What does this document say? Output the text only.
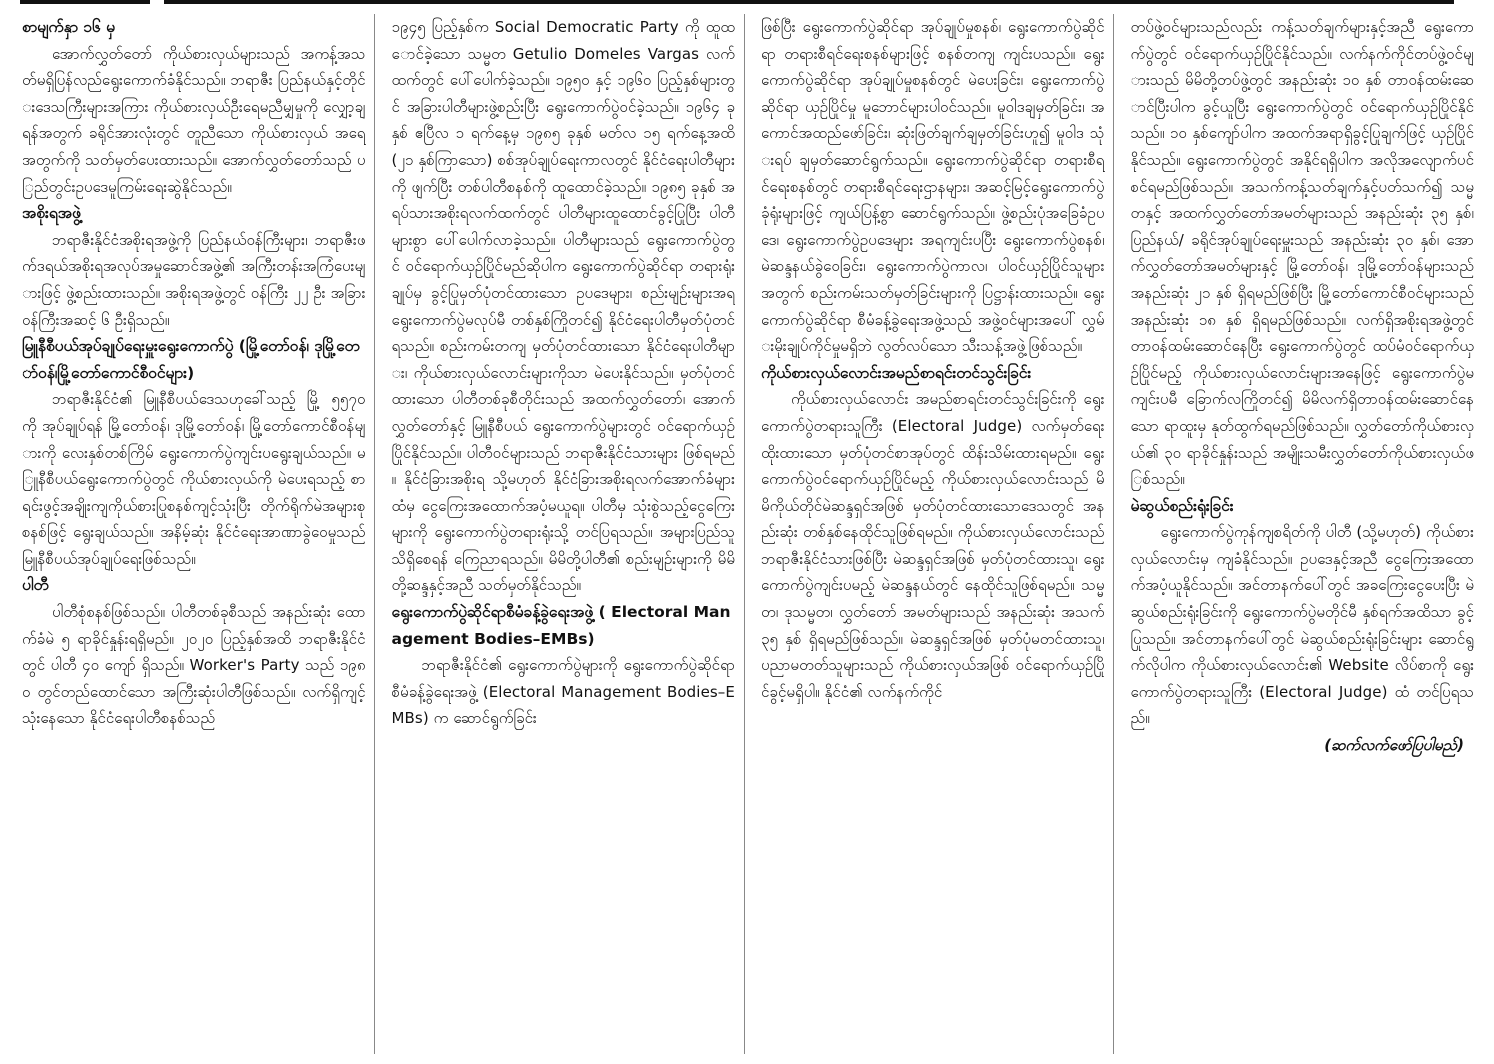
စာမျက်နှာ ၁၆ မှ

အောက်လွှတ်တော် ကိုယ်စားလှယ်များသည် အကန့်အသတ်မရှိပြန်လည်ရွေးကောက်ခံနိုင်သည်။ ဘရာဇီး ပြည်နယ်နှင့်တိုင်းဒေသကြီးများအကြား ကိုယ်စားလှယ်ဦးရေမညီမျှမှုကို လျှော့ချရန်အတွက် ခရိုင်အားလုံးတွင် တူညီသော ကိုယ်စားလှယ် အရေအတွက်ကို သတ်မှတ်ပေးထားသည်။ အောက်လွှတ်တော်သည် ပြည်တွင်းဥပဒေမူကြမ်းရေးဆွဲနိုင်သည်။

အစိုးရအဖွဲ့

ဘရာဇီးနိုင်ငံအစိုးရအဖွဲ့ကို ပြည်နယ်ဝန်ကြီးများ၊ ဘရာဇီးဖက်ဒရယ်အစိုးရအလုပ်အမှုဆောင်အဖွဲ့၏ အကြီးတန်းအကြံပေးများဖြင့် ဖွဲ့စည်းထားသည်။ အစိုးရအဖွဲ့တွင် ဝန်ကြီး ၂၂ ဦး အခြားဝန်ကြီးအဆင့် ၆ ဦးရှိသည်။

မြူနီစီပယ်အုပ်ချုပ်ရေးမှူးရွေးကောက်ပွဲ (မြို့တော်ဝန်၊ ဒုမြို့တော်ဝန်၊မြို့တော်ကောင်စီဝင်များ)

ဘရာဇီးနိုင်ငံ၏ မြူနီစီပယ်ဒေသဟုခေါ်သည့် မြို့ ၅၅၇၀ ကို အုပ်ချုပ်ရန် မြို့တော်ဝန်၊ ဒုမြို့တော်ဝန်၊ မြို့တော်ကောင်စီဝန်များကို လေးနှစ်တစ်ကြိမ် ရွေးကောက်ပွဲကျင်းပရွေးချယ်သည်။ မြူနီစီပယ်ရွေးကောက်ပွဲတွင် ကိုယ်စားလှယ်ကို မဲပေးရသည့် စာရင်းဖွင့်အချိုးကျကိုယ်စားပြုစနစ်ကျင့်သုံးပြီး တိုက်ရိုက်မဲအများစုစနစ်ဖြင့် ရွေးချယ်သည်။ အနိမ့်ဆုံး နိုင်ငံရေးအာဏာခွဲဝေမှုသည် မြူနီစီပယ်အုပ်ချုပ်ရေးဖြစ်သည်။

ပါတီ

ပါတီစုံစနစ်ဖြစ်သည်။ ပါတီတစ်ခုစီသည် အနည်းဆုံး ထောက်ခံမဲ ၅ ရာခိုင်နှုန်းရရှိမည်။ ၂၀၂၀ ပြည့်နှစ်အထိ ဘရာဇီးနိုင်ငံတွင် ပါတီ ၄၀ ကျော် ရှိသည်။ Worker's Party သည် ၁၉၈၀ တွင်တည်ထောင်သော အကြီးဆုံးပါတီဖြစ်သည်။ လက်ရှိကျင့်သုံးနေသော နိုင်ငံရေးပါတီစနစ်သည်

၁၉၄၅ ပြည့်နှစ်က Social Democratic Party ကို ထူထောင်ခဲ့သော သမ္မတ Getulio Domeles Vargas လက်ထက်တွင် ပေါ်ပေါက်ခဲ့သည်။ ၁၉၅၀ နှင့် ၁၉၆၀ ပြည့်နှစ်များတွင် အခြားပါတီများဖွဲ့စည်းပြီး ရွေးကောက်ပွဲဝင်ခဲ့သည်။ ၁၉၆၄ ခုနှစ် ဧပြီလ ၁ ရက်နေ့မှ ၁၉၈၅ ခုနှစ် မတ်လ ၁၅ ရက်နေ့အထိ (၂၁ နှစ်ကြာသော) စစ်အုပ်ချုပ်ရေးကာလတွင် နိုင်ငံရေးပါတီများကို ဖျက်ပြီး တစ်ပါတီစနစ်ကို ထူထောင်ခဲ့သည်။ ၁၉၈၅ ခုနှစ် အရပ်သားအစိုးရလက်ထက်တွင် ပါတီများထူထောင်ခွင့်ပြုပြီး ပါတီများစွာ ပေါ်ပေါက်လာခဲ့သည်။ ပါတီများသည် ရွေးကောက်ပွဲတွင် ဝင်ရောက်ယှဉ်ပြိုင်မည်ဆိုပါက ရွေးကောက်ပွဲဆိုင်ရာ တရားရုံးချုပ်မှ ခွင့်ပြုမှတ်ပုံတင်ထားသော ဥပဒေများ၊ စည်းမျဉ်းများအရ ရွေးကောက်ပွဲမလုပ်မီ တစ်နှစ်ကြိုတင်၍ နိုင်ငံရေးပါတီမှတ်ပုံတင်ရသည်။ စည်းကမ်းတကျ မှတ်ပုံတင်ထားသော နိုင်ငံရေးပါတီများ၊ ကိုယ်စားလှယ်လောင်းများကိုသာ မဲပေးနိုင်သည်။ မှတ်ပုံတင်ထားသော ပါတီတစ်ခုစီတိုင်းသည် အထက်လွှတ်တော်၊ အောက်လွှတ်တော်နှင့် မြူနီစီပယ် ရွေးကောက်ပွဲများတွင် ဝင်ရောက်ယှဉ်ပြိုင်နိုင်သည်။ ပါတီဝင်များသည် ဘရာဇီးနိုင်ငံသားများ ဖြစ်ရမည်။ နိုင်ငံခြားအစိုးရ သို့မဟုတ် နိုင်ငံခြားအစိုးရလက်အောက်ခံများထံမှ ငွေကြေးအထောက်အပံ့မယူရ။ ပါတီမှ သုံးစွဲသည့်ငွေကြေးများကို ရွေးကောက်ပွဲတရားရုံးသို့ တင်ပြရသည်။ အများပြည်သူသိရှိစေရန် ကြေညာရသည်။ မိမိတို့ပါတီ၏ စည်းမျဉ်းများကို မိမိတို့ဆန္ဒနှင့်အညီ သတ်မှတ်နိုင်သည်။

ရွေးကောက်ပွဲဆိုင်ရာစီမံခန့်ခွဲရေးအဖွဲ့ ( Electoral Management Bodies–EMBs)

ဘရာဇီးနိုင်ငံ၏ ရွေးကောက်ပွဲများကို ရွေးကောက်ပွဲဆိုင်ရာ စီမံခန့်ခွဲရေးအဖွဲ့ (Electoral Management Bodies–EMBs) က ဆောင်ရွက်ခြင်း

ဖြစ်ပြီး ရွေးကောက်ပွဲဆိုင်ရာ အုပ်ချုပ်မှုစနစ်၊ ရွေးကောက်ပွဲဆိုင်ရာ တရားစီရင်ရေးစနစ်များဖြင့် စနစ်တကျ ကျင်းပသည်။ ရွေးကောက်ပွဲဆိုင်ရာ အုပ်ချုပ်မှုစနစ်တွင် မဲပေးခြင်း၊ ရွေးကောက်ပွဲဆိုင်ရာ ယှဉ်ပြိုင်မှု မူဘောင်များပါဝင်သည်။ မူဝါဒချမှတ်ခြင်း၊ အကောင်အထည်ဖော်ခြင်း၊ ဆုံးဖြတ်ချက်ချမှတ်ခြင်းဟူ၍ မူဝါဒ သုံးရပ် ချမှတ်ဆောင်ရွက်သည်။ ရွေးကောက်ပွဲဆိုင်ရာ တရားစီရင်ရေးစနစ်တွင် တရားစီရင်ရေးဌာနများ၊ အဆင့်မြင့်ရွေးကောက်ပွဲ ခုံရုံးများဖြင့် ကျယ်ပြန့်စွာ ဆောင်ရွက်သည်။ ဖွဲ့စည်းပုံအခြေခံဥပဒေ၊ ရွေးကောက်ပွဲဥပဒေများ အရကျင်းပပြီး ရွေးကောက်ပွဲစနစ်၊ မဲဆန္ဒနယ်ခွဲဝေခြင်း၊ ရွေးကောက်ပွဲကာလ၊ ပါဝင်ယှဉ်ပြိုင်သူများအတွက် စည်းကမ်းသတ်မှတ်ခြင်းများကို ပြဋ္ဌာန်းထားသည်။ ရွေးကောက်ပွဲဆိုင်ရာ စီမံခန့်ခွဲရေးအဖွဲ့သည် အဖွဲ့ဝင်များအပေါ် လွှမ်းမိုးချုပ်ကိုင်မှုမရှိဘဲ လွတ်လပ်သော သီးသန့်အဖွဲ့ဖြစ်သည်။

ကိုယ်စားလှယ်လောင်းအမည်စာရင်းတင်သွင်းခြင်း

ကိုယ်စားလှယ်လောင်း အမည်စာရင်းတင်သွင်းခြင်းကို ရွေးကောက်ပွဲတရားသူကြီး (Electoral Judge) လက်မှတ်ရေးထိုးထားသော မှတ်ပုံတင်စာအုပ်တွင် ထိန်းသိမ်းထားရမည်။ ရွေးကောက်ပွဲဝင်ရောက်ယှဉ်ပြိုင်မည့် ကိုယ်စားလှယ်လောင်းသည် မိမိကိုယ်တိုင်မဲဆန္ဒရှင်အဖြစ် မှတ်ပုံတင်ထားသောဒေသတွင် အနည်းဆုံး တစ်နှစ်နေထိုင်သူဖြစ်ရမည်။ ကိုယ်စားလှယ်လောင်းသည် ဘရာဇီးနိုင်ငံသားဖြစ်ပြီး မဲဆန္ဒရှင်အဖြစ် မှတ်ပုံတင်ထားသူ၊ ရွေးကောက်ပွဲကျင်းပမည့် မဲဆန္ဒနယ်တွင် နေထိုင်သူဖြစ်ရမည်။ သမ္မတ၊ ဒုသမ္မတ၊ လွှတ်တော် အမတ်များသည် အနည်းဆုံး အသက် ၃၅ နှစ် ရှိရမည်ဖြစ်သည်။ မဲဆန္ဒရှင်အဖြစ် မှတ်ပုံမတင်ထားသူ၊ ပညာမတတ်သူများသည် ကိုယ်စားလှယ်အဖြစ် ဝင်ရောက်ယှဉ်ပြိုင်ခွင့်မရှိပါ။ နိုင်ငံ၏ လက်နက်ကိုင်

တပ်ဖွဲ့ဝင်များသည်လည်း ကန့်သတ်ချက်များနှင့်အညီ ရွေးကောက်ပွဲတွင် ဝင်ရောက်ယှဉ်ပြိုင်နိုင်သည်။ လက်နက်ကိုင်တပ်ဖွဲ့ဝင်များသည် မိမိတို့တပ်ဖွဲ့တွင် အနည်းဆုံး ၁၀ နှစ် တာဝန်ထမ်းဆောင်ပြီးပါက ခွင့်ယူပြီး ရွေးကောက်ပွဲတွင် ဝင်ရောက်ယှဉ်ပြိုင်နိုင်သည်။ ၁၀ နှစ်ကျော်ပါက အထက်အရာရှိခွင့်ပြုချက်ဖြင့် ယှဉ်ပြိုင်နိုင်သည်။ ရွေးကောက်ပွဲတွင် အနိုင်ရရှိပါက အလိုအလျောက်ပင်စင်ရမည်ဖြစ်သည်။ အသက်ကန့်သတ်ချက်နှင့်ပတ်သက်၍ သမ္မတနှင့် အထက်လွှတ်တော်အမတ်များသည် အနည်းဆုံး ၃၅ နှစ်၊ ပြည်နယ်/ ခရိုင်အုပ်ချုပ်ရေးမှူးသည် အနည်းဆုံး ၃၀ နှစ်၊ အောက်လွှတ်တော်အမတ်များနှင့် မြို့တော်ဝန်၊ ဒုမြို့တော်ဝန်များသည် အနည်းဆုံး ၂၁ နှစ် ရှိရမည်ဖြစ်ပြီး မြို့တော်ကောင်စီဝင်များသည် အနည်းဆုံး ၁၈ နှစ် ရှိရမည်ဖြစ်သည်။ လက်ရှိအစိုးရအဖွဲ့တွင် တာဝန်ထမ်းဆောင်နေပြီး ရွေးကောက်ပွဲတွင် ထပ်မံဝင်ရောက်ယှဉ်ပြိုင်မည့် ကိုယ်စားလှယ်လောင်းများအနေဖြင့် ရွေးကောက်ပွဲမကျင်းပမီ ခြောက်လကြိုတင်၍ မိမိလက်ရှိတာဝန်ထမ်းဆောင်နေသော ရာထူးမှ နုတ်ထွက်ရမည်ဖြစ်သည်။ လွှတ်တော်ကိုယ်စားလှယ်၏ ၃၀ ရာခိုင်နှုန်းသည် အမျိုးသမီးလွှတ်တော်ကိုယ်စားလှယ်ဖြစ်သည်။

မဲဆွယ်စည်းရုံးခြင်း

ရွေးကောက်ပွဲကုန်ကျစရိတ်ကို ပါတီ (သို့မဟုတ်) ကိုယ်စားလှယ်လောင်းမှ ကျခံနိုင်သည်။ ဥပဒေနှင့်အညီ ငွေကြေးအထောက်အပံ့ယူနိုင်သည်။ အင်တာနက်ပေါ်တွင် အခကြေးငွေပေးပြီး မဲဆွယ်စည်းရုံးခြင်းကို ရွေးကောက်ပွဲမတိုင်မီ နှစ်ရက်အထိသာ ခွင့်ပြုသည်။ အင်တာနက်ပေါ်တွင် မဲဆွယ်စည်းရုံးခြင်းများ ဆောင်ရွက်လိုပါက ကိုယ်စားလှယ်လောင်း၏ Website လိပ်စာကို ရွေးကောက်ပွဲတရားသူကြီး (Electoral Judge) ထံ တင်ပြရသည်။

(ဆက်လက်ဖော်ပြပါမည်)
